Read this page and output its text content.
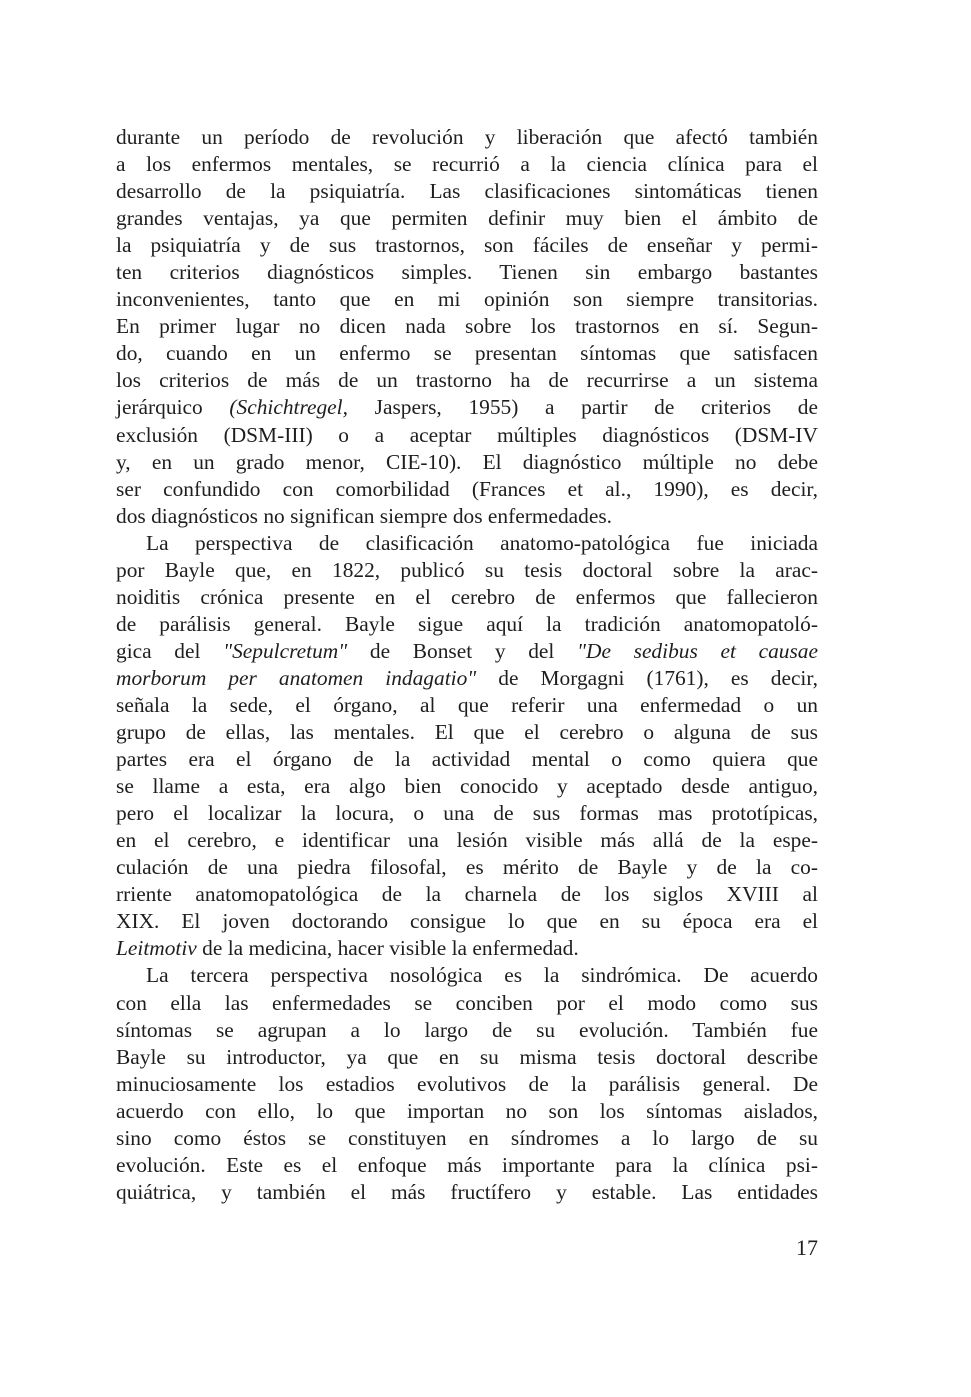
durante un período de revolución y liberación que afectó también
a los enfermos mentales, se recurrió a la ciencia clínica para el
desarrollo de la psiquiatría. Las clasificaciones sintomáticas tienen
grandes ventajas, ya que permiten definir muy bien el ámbito de
la psiquiatría y de sus trastornos, son fáciles de enseñar y permi-
ten criterios diagnósticos simples. Tienen sin embargo bastantes
inconvenientes, tanto que en mi opinión son siempre transitorias.
En primer lugar no dicen nada sobre los trastornos en sí. Segun-
do, cuando en un enfermo se presentan síntomas que satisfacen
los criterios de más de un trastorno ha de recurrirse a un sistema
jerárquico (Schichtregel, Jaspers, 1955) a partir de criterios de
exclusión (DSM-III) o a aceptar múltiples diagnósticos (DSM-IV
y, en un grado menor, CIE-10). El diagnóstico múltiple no debe
ser confundido con comorbilidad (Frances et al., 1990), es decir,
dos diagnósticos no significan siempre dos enfermedades.
La perspectiva de clasificación anatomo-patológica fue iniciada
por Bayle que, en 1822, publicó su tesis doctoral sobre la arac-
noiditis crónica presente en el cerebro de enfermos que fallecieron
de parálisis general. Bayle sigue aquí la tradición anatomopatoló-
gica del "Sepulcretum" de Bonset y del "De sedibus et causae
morborum per anatomen indagatio" de Morgagni (1761), es decir,
señala la sede, el órgano, al que referir una enfermedad o un
grupo de ellas, las mentales. El que el cerebro o alguna de sus
partes era el órgano de la actividad mental o como quiera que
se llame a esta, era algo bien conocido y aceptado desde antiguo,
pero el localizar la locura, o una de sus formas mas prototípicas,
en el cerebro, e identificar una lesión visible más allá de la espe-
culación de una piedra filosofal, es mérito de Bayle y de la co-
rriente anatomopatológica de la charnela de los siglos XVIII al
XIX. El joven doctorando consigue lo que en su época era el
Leitmotiv de la medicina, hacer visible la enfermedad.
La tercera perspectiva nosológica es la sindrómica. De acuerdo
con ella las enfermedades se conciben por el modo como sus
síntomas se agrupan a lo largo de su evolución. También fue
Bayle su introductor, ya que en su misma tesis doctoral describe
minuciosamente los estadios evolutivos de la parálisis general. De
acuerdo con ello, lo que importan no son los síntomas aislados,
sino como éstos se constituyen en síndromes a lo largo de su
evolución. Este es el enfoque más importante para la clínica psi-
quiátrica, y también el más fructífero y estable. Las entidades
17
